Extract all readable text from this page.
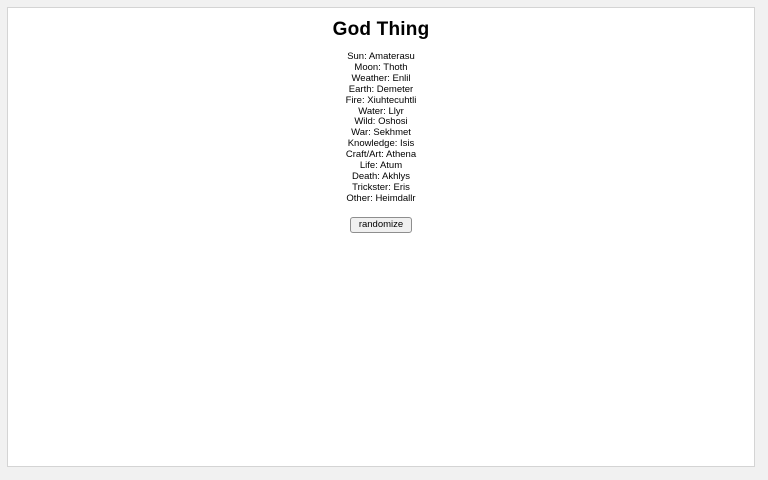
God Thing
Sun: Amaterasu
Moon: Thoth
Weather: Enlil
Earth: Demeter
Fire: Xiuhtecuhtli
Water: Llyr
Wild: Oshosi
War: Sekhmet
Knowledge: Isis
Craft/Art: Athena
Life: Atum
Death: Akhlys
Trickster: Eris
Other: Heimdallr
randomize
